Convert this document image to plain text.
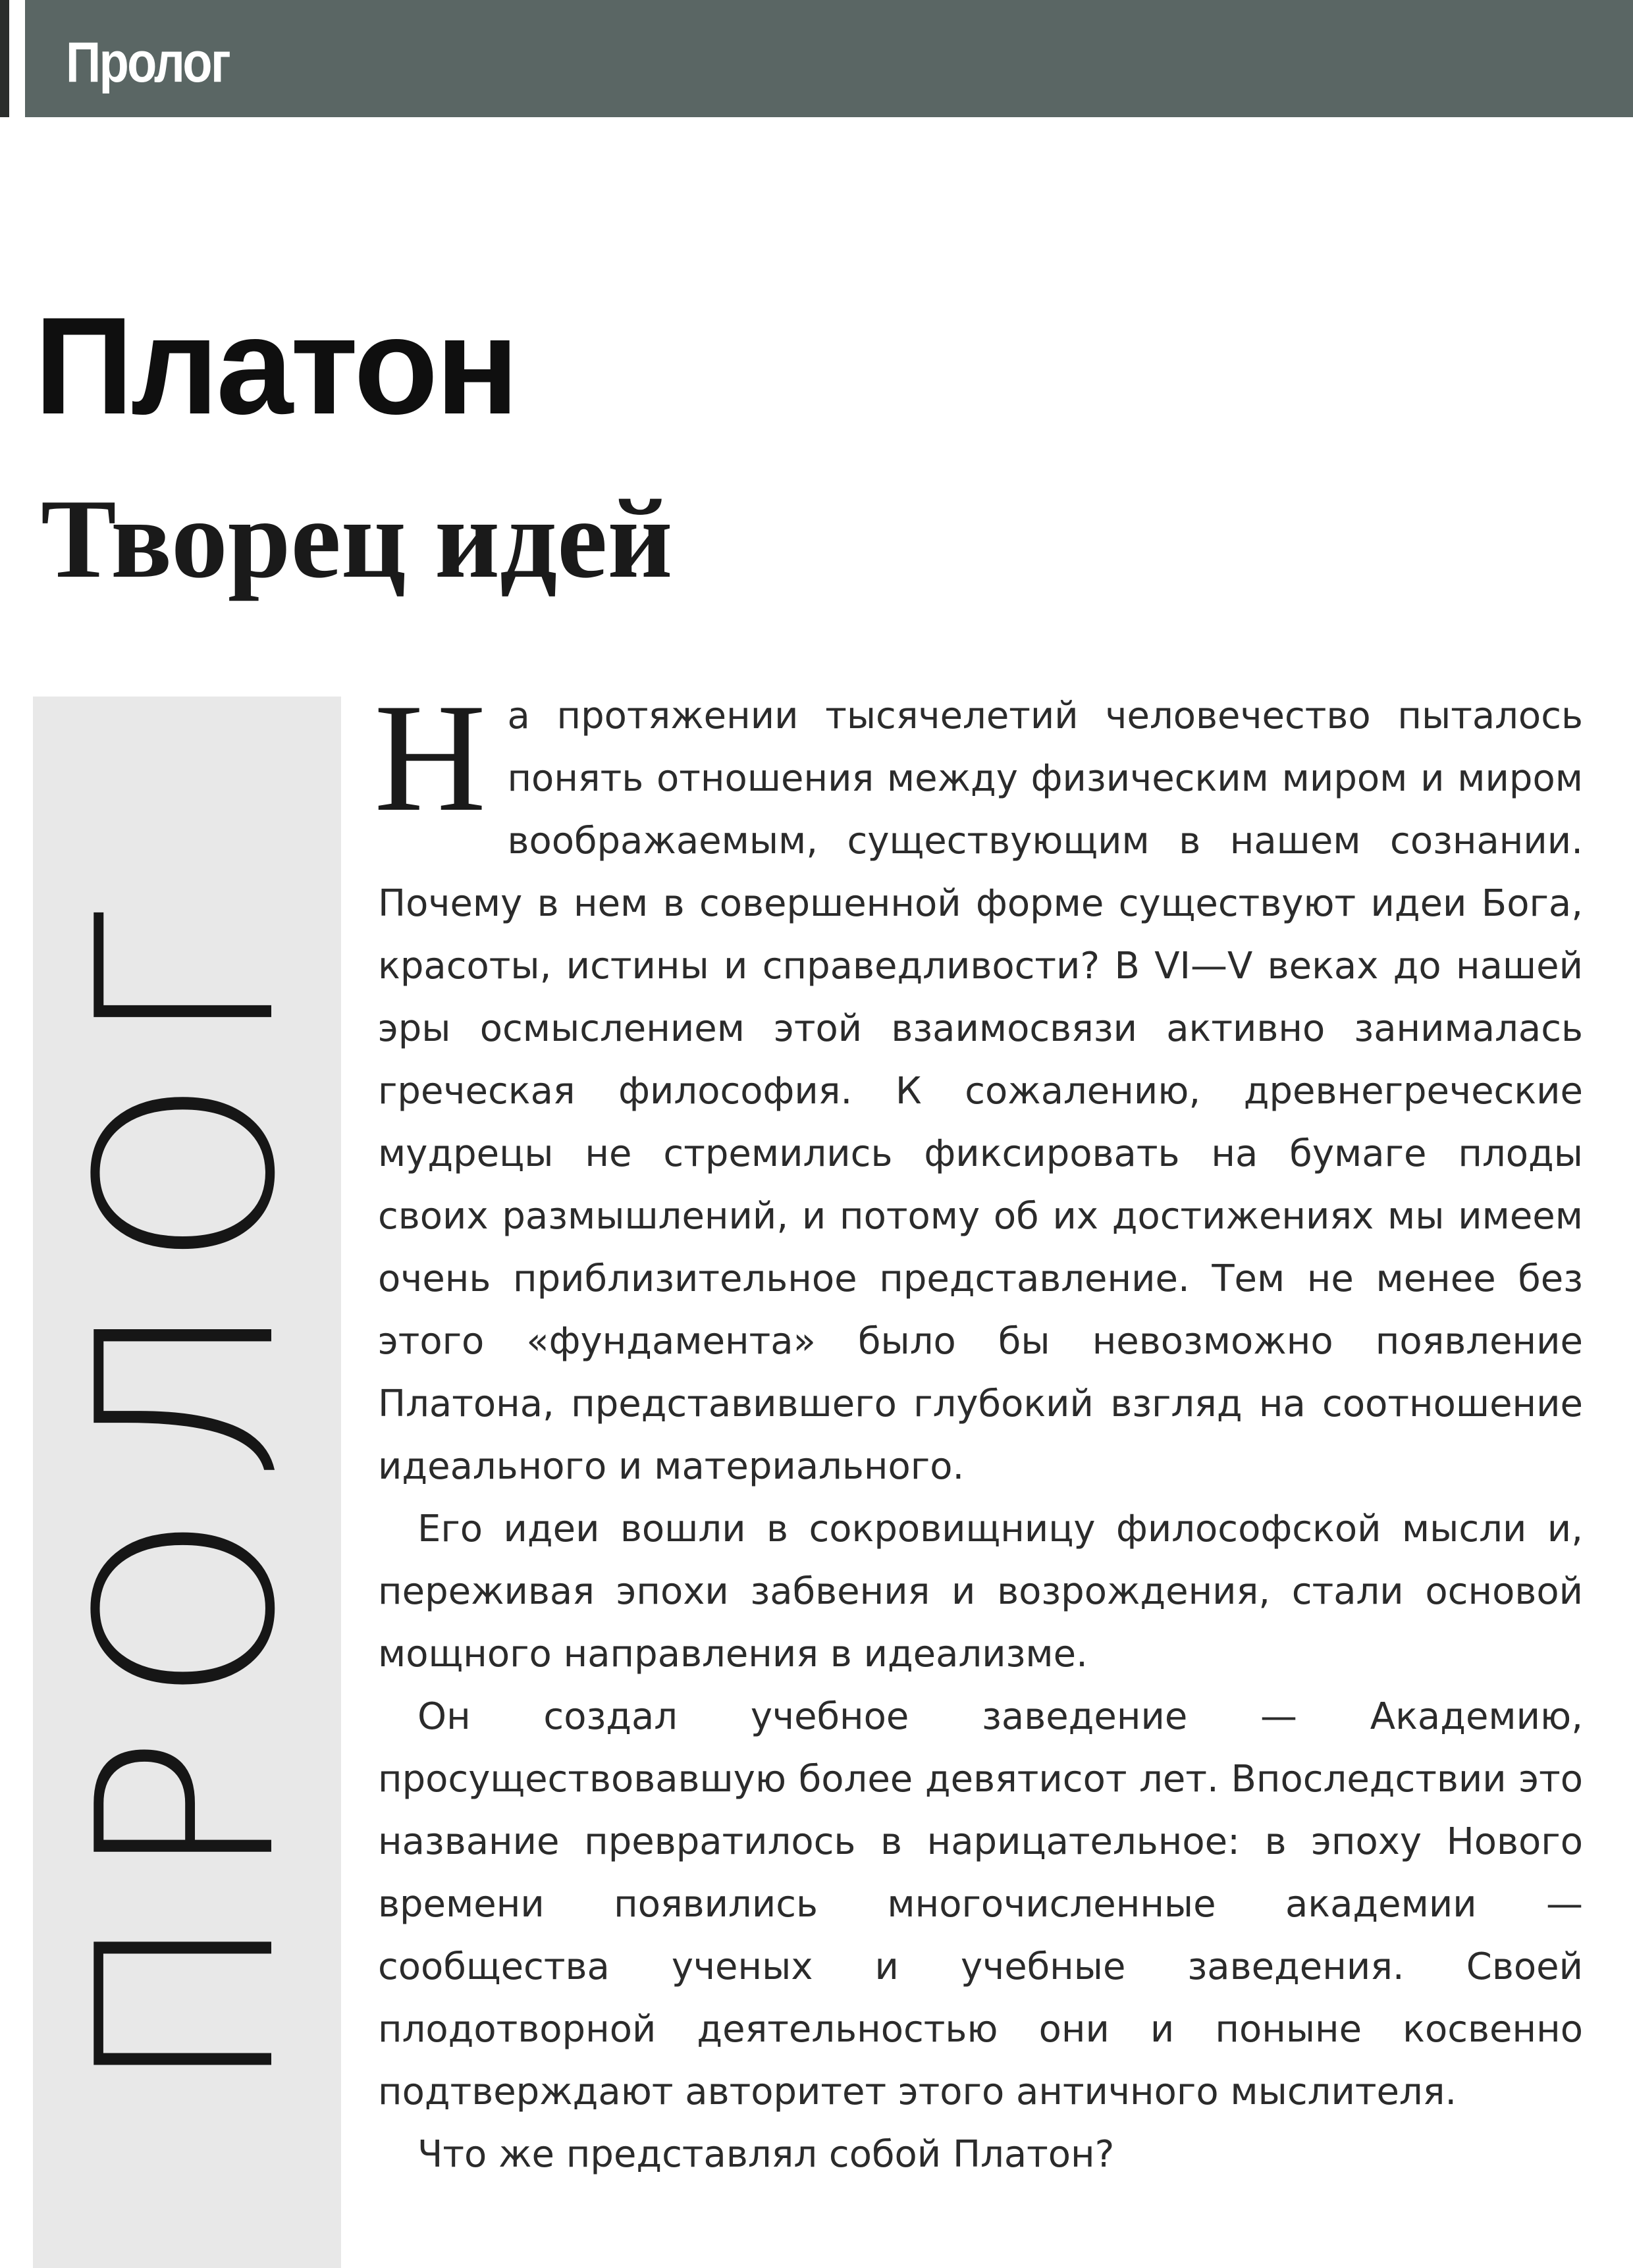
Пролог
Платон
Творец идей
ПРОЛОГ

На протяжении тысячелетий человечество пыталось понять отношения между физическим миром и миром воображаемым, существующим в нашем сознании. Почему в нем в совершенной форме существуют идеи Бога, красоты, истины и справедливости? В VI—V веках до нашей эры осмыслением этой взаимосвязи активно занималась греческая философия. К сожалению, древнегреческие мудрецы не стремились фиксировать на бумаге плоды своих размышлений, и потому об их достижениях мы имеем очень приблизительное представление. Тем не менее без этого «фундамента» было бы невозможно появление Платона, представившего глубокий взгляд на соотношение идеального и материального.

Его идеи вошли в сокровищницу философской мысли и, переживая эпохи забвения и возрождения, стали основой мощного направления в идеализме.

Он создал учебное заведение — Академию, просуществовавшую более девятисот лет. Впоследствии это название превратилось в нарицательное: в эпоху Нового времени появились многочисленные академии — сообщества ученых и учебные заведения. Своей плодотворной деятельностью они и поныне косвенно подтверждают авторитет этого античного мыслителя.

Что же представлял собой Платон?
